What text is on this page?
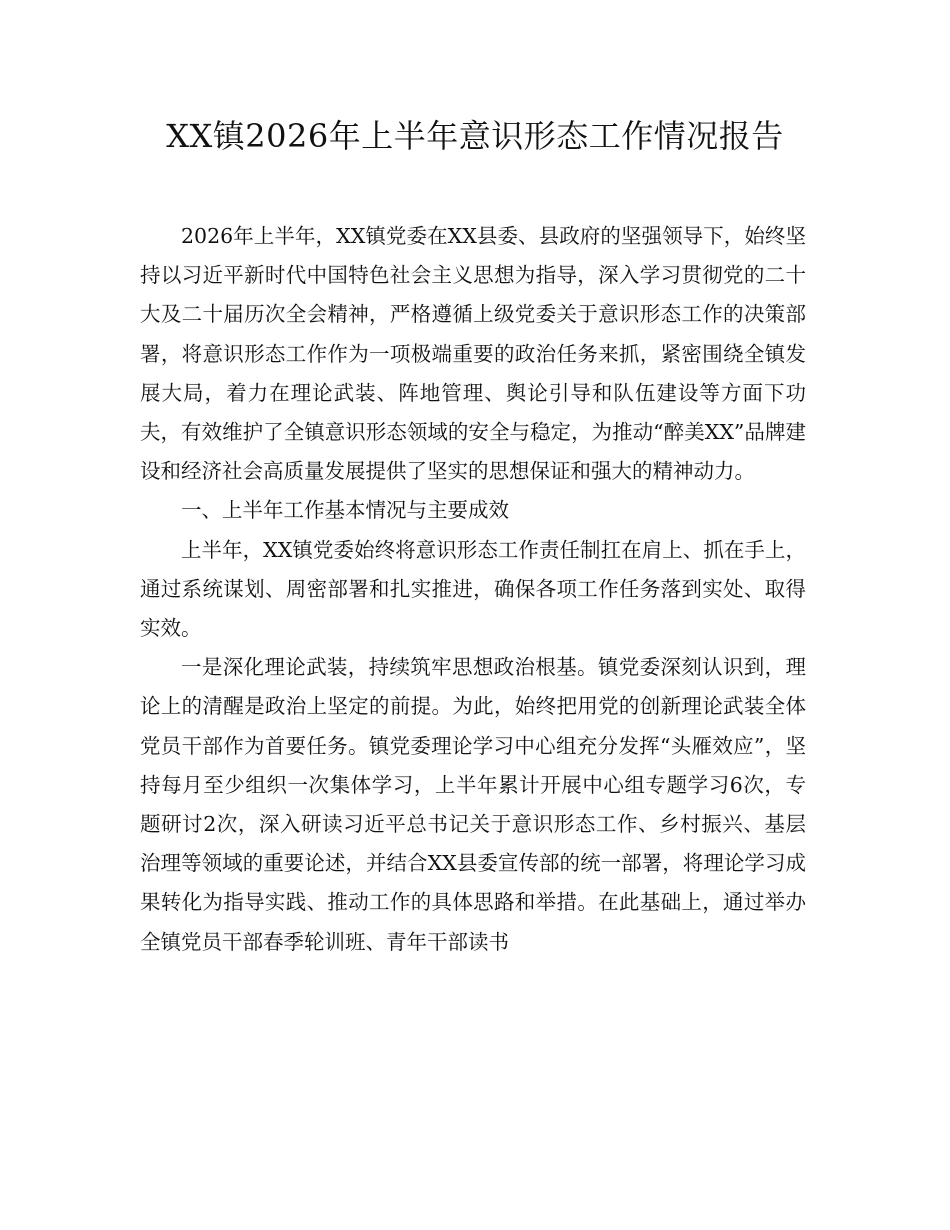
XX镇2026年上半年意识形态工作情况报告

2026年上半年，XX镇党委在XX县委、县政府的坚强领导下，始终坚持以习近平新时代中国特色社会主义思想为指导，深入学习贯彻党的二十大及二十届历次全会精神，严格遵循上级党委关于意识形态工作的决策部署，将意识形态工作作为一项极端重要的政治任务来抓，紧密围绕全镇发展大局，着力在理论武装、阵地管理、舆论引导和队伍建设等方面下功夫，有效维护了全镇意识形态领域的安全与稳定，为推动“醉美XX”品牌建设和经济社会高质量发展提供了坚实的思想保证和强大的精神动力。

一、上半年工作基本情况与主要成效

上半年，XX镇党委始终将意识形态工作责任制扛在肩上、抓在手上，通过系统谋划、周密部署和扎实推进，确保各项工作任务落到实处、取得实效。

一是深化理论武装，持续筑牢思想政治根基。镇党委深刻认识到，理论上的清醒是政治上坚定的前提。为此，始终把用党的创新理论武装全体党员干部作为首要任务。镇党委理论学习中心组充分发挥“头雁效应”，坚持每月至少组织一次集体学习，上半年累计开展中心组专题学习6次，专题研讨2次，深入研读习近平总书记关于意识形态工作、乡村振兴、基层治理等领域的重要论述，并结合XX县委宣传部的统一部署，将理论学习成果转化为指导实践、推动工作的具体思路和举措。在此基础上，通过举办全镇党员干部春季轮训班、青年干部读书
